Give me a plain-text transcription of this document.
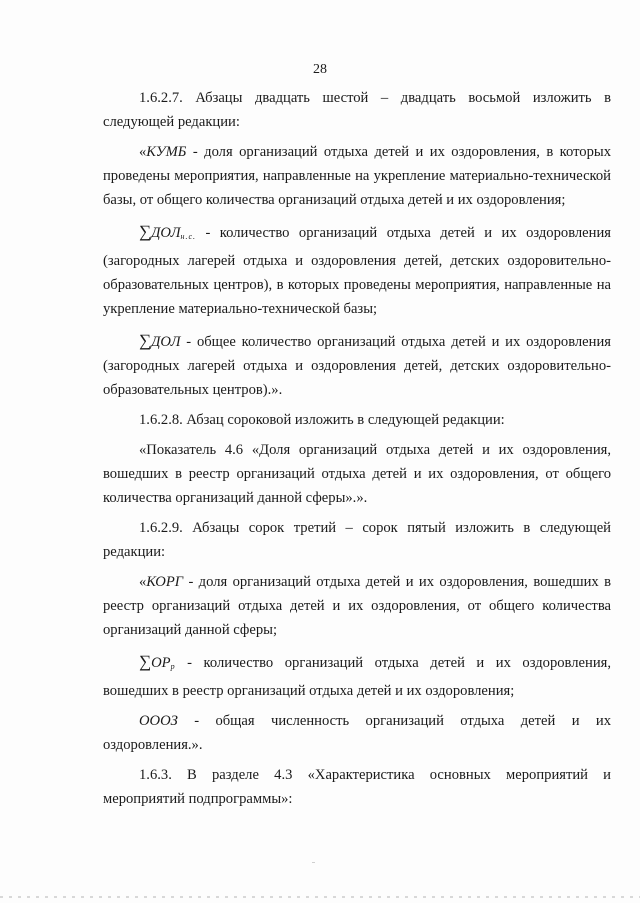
28

1.6.2.7. Абзацы двадцать шестой – двадцать восьмой изложить в следующей редакции:

«КУМБ - доля организаций отдыха детей и их оздоровления, в которых проведены мероприятия, направленные на укрепление материально-технической базы, от общего количества организаций отдыха детей и их оздоровления;

$\sum ДОЛ_{н.с.}$ - количество организаций отдыха детей и их оздоровления (загородных лагерей отдыха и оздоровления детей, детских оздоровительно-образовательных центров), в которых проведены мероприятия, направленные на укрепление материально-технической базы;

∑ДОЛ - общее количество организаций отдыха детей и их оздоровления (загородных лагерей отдыха и оздоровления детей, детских оздоровительно-образовательных центров).».

1.6.2.8. Абзац сороковой изложить в следующей редакции:

«Показатель 4.6 «Доля организаций отдыха детей и их оздоровления, вошедших в реестр организаций отдыха детей и их оздоровления, от общего количества организаций данной сферы».».

1.6.2.9. Абзацы сорок третий – сорок пятый изложить в следующей редакции:

«КОРГ - доля организаций отдыха детей и их оздоровления, вошедших в реестр организаций отдыха детей и их оздоровления, от общего количества организаций данной сферы;

$\sum ОР_р$ - количество организаций отдыха детей и их оздоровления, вошедших в реестр организаций отдыха детей и их оздоровления;

ОООЗ - общая численность организаций отдыха детей и их оздоровления.».

1.6.3. В разделе 4.3 «Характеристика основных мероприятий и мероприятий подпрограммы»:
